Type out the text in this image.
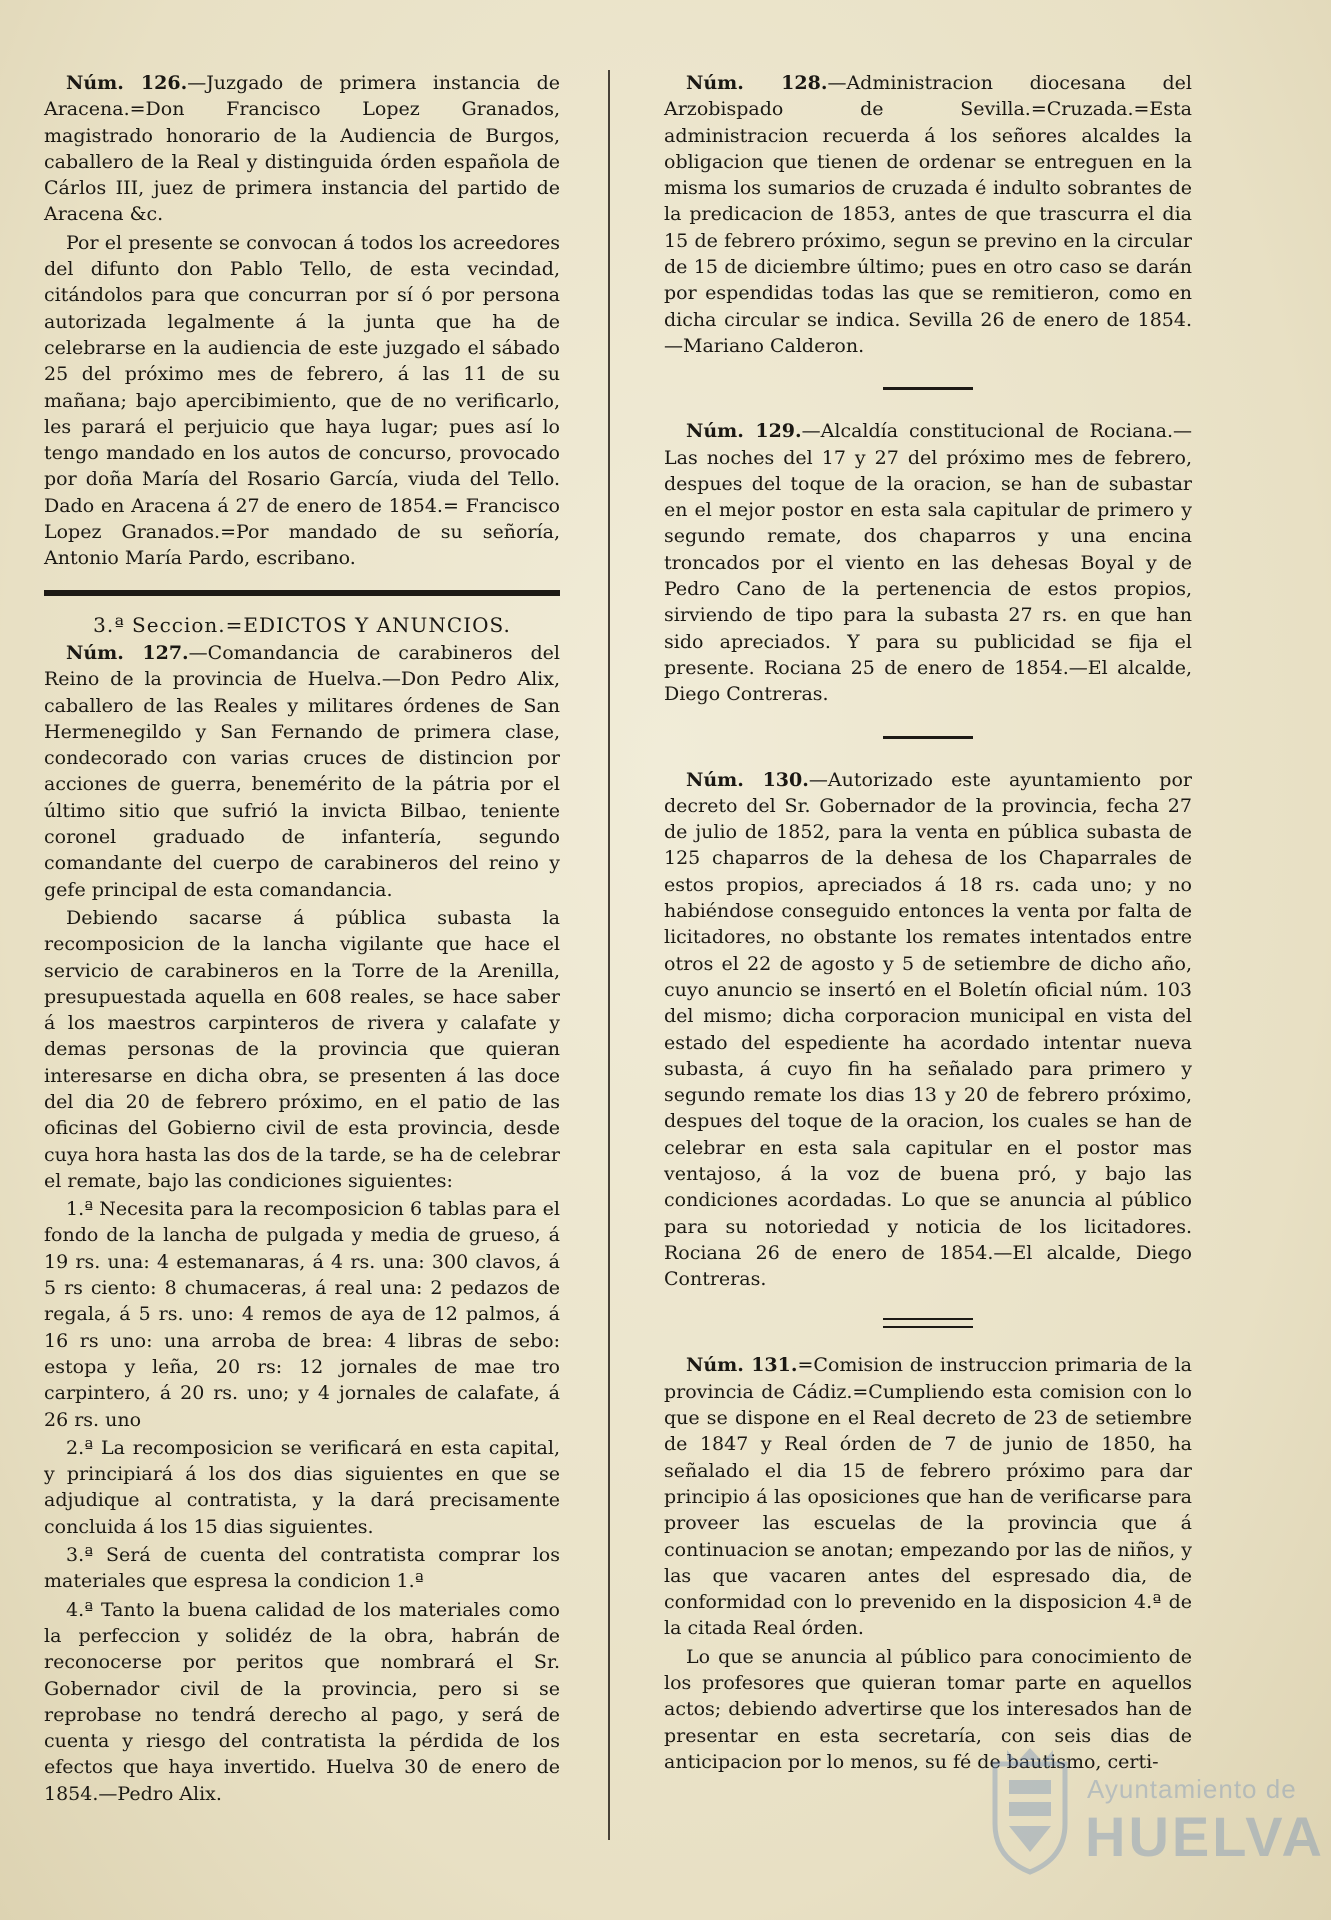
Núm. 126.—Juzgado de primera instancia de Aracena.=Don Francisco Lopez Granados, magistrado honorario de la Audiencia de Burgos, caballero de la Real y distinguida órden española de Cárlos III, juez de primera instancia del partido de Aracena &c.

Por el presente se convocan á todos los acreedores del difunto don Pablo Tello, de esta vecindad, citándolos para que concurran por sí ó por persona autorizada legalmente á la junta que ha de celebrarse en la audiencia de este juzgado el sábado 25 del próximo mes de febrero, á las 11 de su mañana; bajo apercibimiento, que de no verificarlo, les parará el perjuicio que haya lugar; pues así lo tengo mandado en los autos de concurso, provocado por doña María del Rosario García, viuda del Tello. Dado en Aracena á 27 de enero de 1854.= Francisco Lopez Granados.=Por mandado de su señoría, Antonio María Pardo, escribano.

3.ª Seccion.=EDICTOS Y ANUNCIOS.

Núm. 127.—Comandancia de carabineros del Reino de la provincia de Huelva.—Don Pedro Alix, caballero de las Reales y militares órdenes de San Hermenegildo y San Fernando de primera clase, condecorado con varias cruces de distincion por acciones de guerra, benemérito de la pátria por el último sitio que sufrió la invicta Bilbao, teniente coronel graduado de infantería, segundo comandante del cuerpo de carabineros del reino y gefe principal de esta comandancia.

Debiendo sacarse á pública subasta la recomposicion de la lancha vigilante que hace el servicio de carabineros en la Torre de la Arenilla, presupuestada aquella en 608 reales, se hace saber á los maestros carpinteros de rivera y calafate y demas personas de la provincia que quieran interesarse en dicha obra, se presenten á las doce del dia 20 de febrero próximo, en el patio de las oficinas del Gobierno civil de esta provincia, desde cuya hora hasta las dos de la tarde, se ha de celebrar el remate, bajo las condiciones siguientes:

1.ª Necesita para la recomposicion 6 tablas para el fondo de la lancha de pulgada y media de grueso, á 19 rs. una: 4 estemanaras, á 4 rs. una: 300 clavos, á 5 rs ciento: 8 chumaceras, á real una: 2 pedazos de regala, á 5 rs. uno: 4 remos de aya de 12 palmos, á 16 rs uno: una arroba de brea: 4 libras de sebo: estopa y leña, 20 rs: 12 jornales de mae tro carpintero, á 20 rs. uno; y 4 jornales de calafate, á 26 rs. uno

2.ª La recomposicion se verificará en esta capital, y principiará á los dos dias siguientes en que se adjudique al contratista, y la dará precisamente concluida á los 15 dias siguientes.

3.ª Será de cuenta del contratista comprar los materiales que espresa la condicion 1.ª

4.ª Tanto la buena calidad de los materiales como la perfeccion y solidéz de la obra, habrán de reconocerse por peritos que nombrará el Sr. Gobernador civil de la provincia, pero si se reprobase no tendrá derecho al pago, y será de cuenta y riesgo del contratista la pérdida de los efectos que haya invertido. Huelva 30 de enero de 1854.—Pedro Alix.

Núm. 128.—Administracion diocesana del Arzobispado de Sevilla.=Cruzada.=Esta administracion recuerda á los señores alcaldes la obligacion que tienen de ordenar se entreguen en la misma los sumarios de cruzada é indulto sobrantes de la predicacion de 1853, antes de que trascurra el dia 15 de febrero próximo, segun se previno en la circular de 15 de diciembre último; pues en otro caso se darán por espendidas todas las que se remitieron, como en dicha circular se indica. Sevilla 26 de enero de 1854.—Mariano Calderon.

Núm. 129.—Alcaldía constitucional de Rociana.—Las noches del 17 y 27 del próximo mes de febrero, despues del toque de la oracion, se han de subastar en el mejor postor en esta sala capitular de primero y segundo remate, dos chaparros y una encina troncados por el viento en las dehesas Boyal y de Pedro Cano de la pertenencia de estos propios, sirviendo de tipo para la subasta 27 rs. en que han sido apreciados. Y para su publicidad se fija el presente. Rociana 25 de enero de 1854.—El alcalde, Diego Contreras.

Núm. 130.—Autorizado este ayuntamiento por decreto del Sr. Gobernador de la provincia, fecha 27 de julio de 1852, para la venta en pública subasta de 125 chaparros de la dehesa de los Chaparrales de estos propios, apreciados á 18 rs. cada uno; y no habiéndose conseguido entonces la venta por falta de licitadores, no obstante los remates intentados entre otros el 22 de agosto y 5 de setiembre de dicho año, cuyo anuncio se insertó en el Boletín oficial núm. 103 del mismo; dicha corporacion municipal en vista del estado del espediente ha acordado intentar nueva subasta, á cuyo fin ha señalado para primero y segundo remate los dias 13 y 20 de febrero próximo, despues del toque de la oracion, los cuales se han de celebrar en esta sala capitular en el postor mas ventajoso, á la voz de buena pró, y bajo las condiciones acordadas. Lo que se anuncia al público para su notoriedad y noticia de los licitadores. Rociana 26 de enero de 1854.—El alcalde, Diego Contreras.

Núm. 131.=Comision de instruccion primaria de la provincia de Cádiz.=Cumpliendo esta comision con lo que se dispone en el Real decreto de 23 de setiembre de 1847 y Real órden de 7 de junio de 1850, ha señalado el dia 15 de febrero próximo para dar principio á las oposiciones que han de verificarse para proveer las escuelas de la provincia que á continuacion se anotan; empezando por las de niños, y las que vacaren antes del espresado dia, de conformidad con lo prevenido en la disposicion 4.ª de la citada Real órden.

Lo que se anuncia al público para conocimiento de los profesores que quieran tomar parte en aquellos actos; debiendo advertirse que los interesados han de presentar en esta secretaría, con seis dias de anticipacion por lo menos, su fé de bautismo, certi-

Ayuntamiento de
HUELVA
